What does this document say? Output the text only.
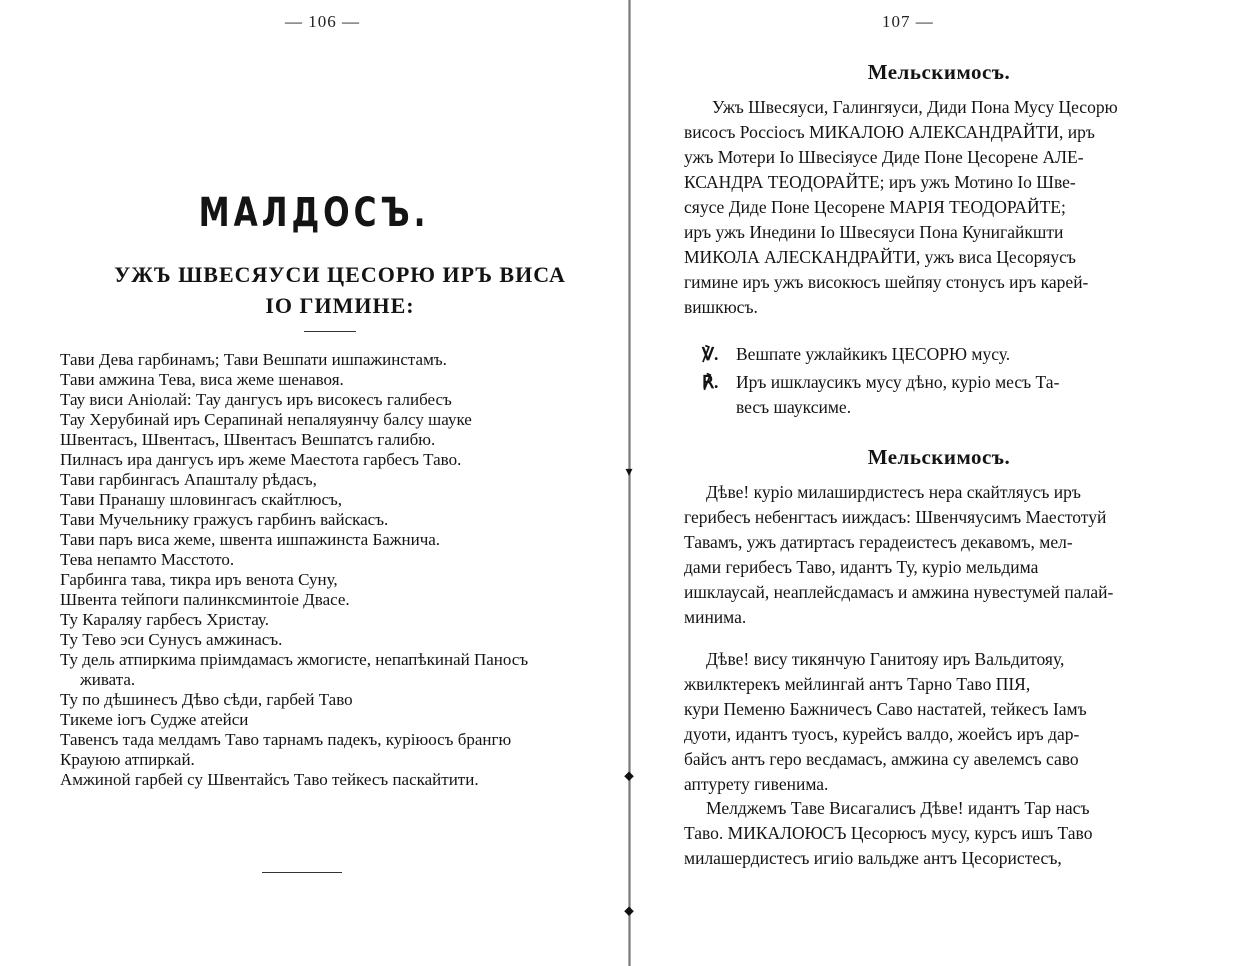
— 106 —
МАЛДОСЪ.
УЖЪ ШВЕСЯУСИ ЦЕСОРЮ ИРЪ ВИСА
IО ГИМИНЕ:
Тави Дева гарбинамъ; Тави Вешпати ишпажинстамъ.
Тави амжина Тева, виса жеме шенавоя.
Тау виси Аніолай: Тау дангусъ иръ високесъ галибесъ
Тау Херубинай иръ Серапинай непаляуянчу балсу шауке
Швентасъ, Швентасъ, Швентасъ Вешпатсъ галибю.
Пилнасъ ира дангусъ иръ жеме Маестота гарбесъ Таво.
Тави гарбингасъ Апашталу рѣдасъ,
Тави Пранашу шловингасъ скайтлюсъ,
Тави Мучельнику гражусъ гарбинъ вайскасъ.
Тави паръ виса жеме, швента ишпажинста Бажнича.
Тева непамто Масстото.
Гарбинга тава, тикра иръ венота Суну,
Швента тейпоги палинксминтоіе Двасе.
Ту Караляу гарбесъ Христау.
Ту Тево эси Сунусъ амжинасъ.
Ту дель атпиркима пріимдамасъ жмогисте, непапѣкинай Паносъ
живата.
Ту по дѣшинесъ Дѣво сѣди, гарбей Таво
Тикеме іогъ Судже атейси
Тавенсъ тада мелдамъ Таво тарнамъ падекъ, куріюосъ брангю
Крауюю атпиркай.
Амжиной гарбей су Швентайсъ Таво тейкесъ паскайтити.
▾
⬥
⬥
107 —
Мельскимосъ.

Ужъ Швесяуси, Галингяуси, Диди Пона Мусу Цесорю
висосъ Россіосъ МИКАЛОЮ АЛЕКСАНДРАЙТИ, иръ
ужъ Мотери Іо Швесіяусе Диде Поне Цесорене АЛЕ-
КСАНДРА ТЕОДОРАЙТЕ; иръ ужъ Мотино Іо Шве-
сяусе Диде Поне Цесорене МАРІЯ ТЕОДОРАЙТЕ;
иръ ужъ Инедини Іо Швесяуси Пона Кунигайкшти
МИКОЛА АЛЕСКАНДРАЙТИ, ужъ виса Цесоряусъ
гимине иръ ужъ високюсъ шейпяу стонусъ иръ карей-
вишкюсъ.

℣. Вешпате ужлайкикъ ЦЕСОРЮ мусу.
℟. Иръ ишклаусикъ мусу дѣно, куріо месъ Та-
весъ шауксиме.
Мельскимосъ.

Дѣве! куріо милаширдистесъ нера скайтляусъ иръ
герибесъ небенгтасъ ииждасъ: Швенчяусимъ Маестотуй
Тавамъ, ужъ датиртасъ герадеистесъ декавомъ, мел-
дами герибесъ Таво, идантъ Ту, куріо мельдима
ишклаусай, неаплейсдамасъ и амжина нувестумей палай-
минима.

Дѣве! вису тикянчую Ганитояу иръ Вальдитояу,
жвилктерекъ мейлингай антъ Тарно Таво ПІЯ,
кури Пеменю Бажничесъ Саво настатей, тейкесъ Іамъ
дуоти, идантъ туосъ, курейсъ валдо, жоейсъ иръ дар-
байсъ антъ геро весдамасъ, амжина су авелемсъ саво
аптурету гивенима.

Мелджемъ Таве Висагалисъ Дѣве! идантъ Тар насъ
Таво. МИКАЛОЮСЪ Цесорюсъ мусу, курсъ ишъ Таво
милашердистесъ игиіо вальдже антъ Цесористесъ,
